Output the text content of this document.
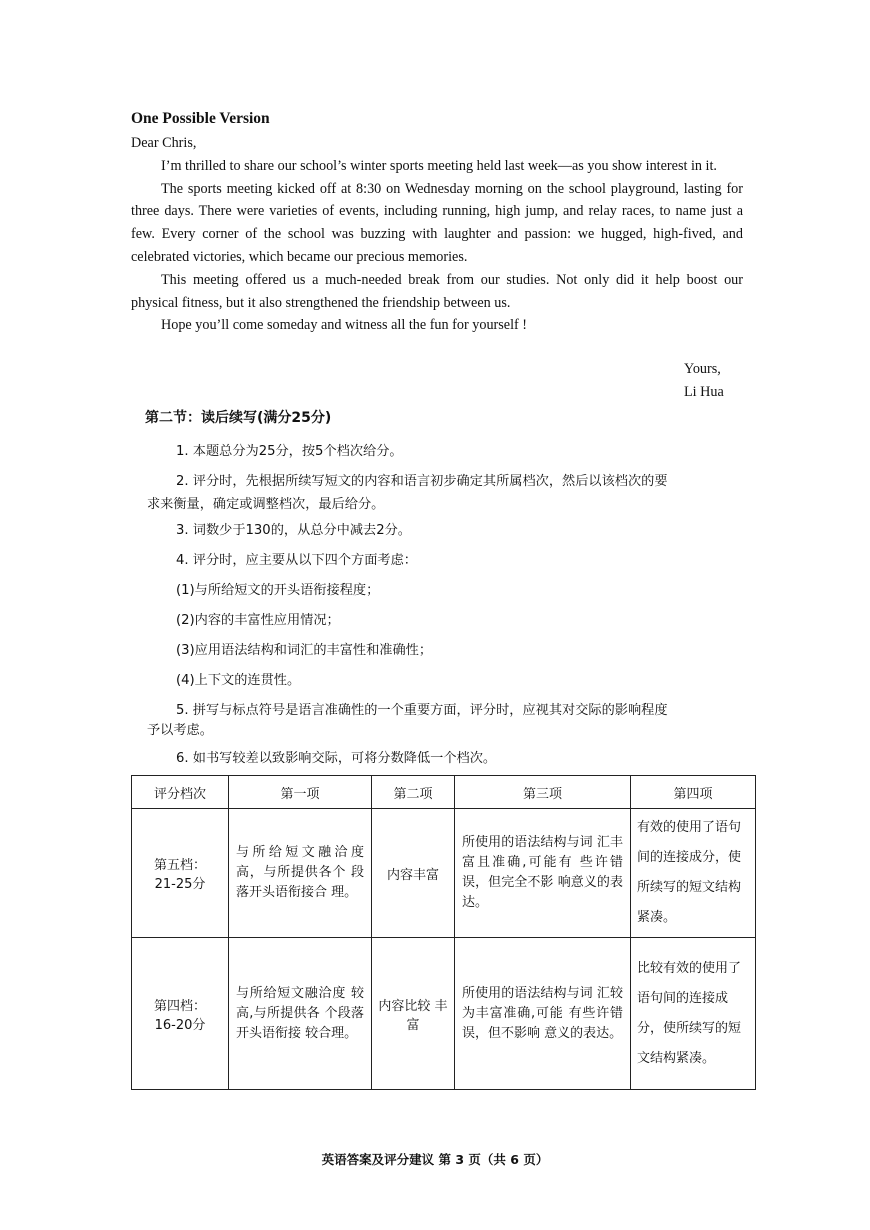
One Possible Version

Dear Chris,

I’m thrilled to share our school’s winter sports meeting held last week—as you show interest in it.

The sports meeting kicked off at 8:30 on Wednesday morning on the school playground, lasting for three days. There were varieties of events, including running, high jump, and relay races, to name just a few. Every corner of the school was buzzing with laughter and passion: we hugged, high-fived, and celebrated victories, which became our precious memories.

This meeting offered us a much-needed break from our studies. Not only did it help boost our physical fitness, but it also strengthened the friendship between us.

Hope you’ll come someday and witness all the fun for yourself !

Yours,
Li Hua
第二节：读后续写(满分25分)
1. 本题总分为25分，按5个档次给分。
2. 评分时，先根据所续写短文的内容和语言初步确定其所属档次，然后以该档次的要
求来衡量，确定或调整档次，最后给分。
3. 词数少于130的，从总分中减去2分。
4. 评分时，应主要从以下四个方面考虑：
(1)与所给短文的开头语衔接程度；
(2)内容的丰富性应用情况；
(3)应用语法结构和词汇的丰富性和准确性；
(4)上下文的连贯性。
5. 拼写与标点符号是语言准确性的一个重要方面，评分时，应视其对交际的影响程度
予以考虑。
6. 如书写较差以致影响交际，可将分数降低一个档次。
评分档次	第一项	第二项	第三项	第四项

第五档：
21-25分	与所给短文融洽度 高，与所提供各个 段落开头语衔接合 理。	内容丰富	所使用的语法结构与词 汇丰富且准确,可能有 些许错误，但完全不影 响意义的表达。	有效的使用了语句间的连接成分，使所续写的短文结构紧凑。

第四档：
16-20分	与所给短文融洽度 较高,与所提供各 个段落开头语衔接 较合理。	内容比较 丰富	所使用的语法结构与词 汇较为丰富准确,可能 有些许错误，但不影响 意义的表达。	比较有效的使用了语句间的连接成分，使所续写的短文结构紧凑。
英语答案及评分建议 第 3 页（共 6 页）
